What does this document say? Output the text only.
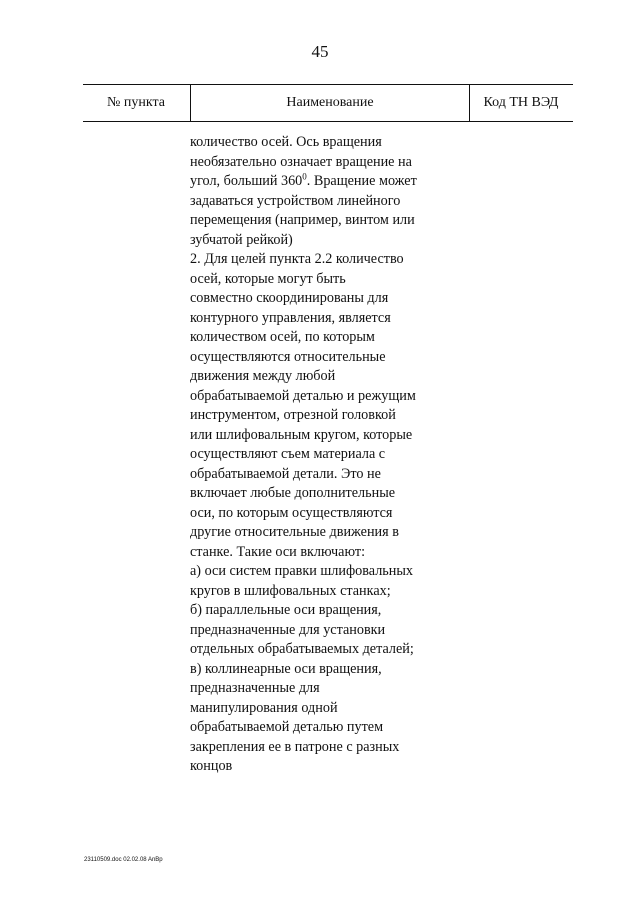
45
№ пункта	Наименование	Код ТН ВЭД

количество осей. Ось вращения

необязательно означает вращение на

угол, больший $360^0$. Вращение может

задаваться устройством линейного

перемещения (например, винтом или

зубчатой рейкой)

2. Для целей пункта 2.2 количество

осей, которые могут быть

совместно скоординированы для

контурного управления, является

количеством осей, по которым

осуществляются относительные

движения между любой

обрабатываемой деталью и режущим

инструментом, отрезной головкой

или шлифовальным кругом, которые

осуществляют съем материала с

обрабатываемой детали. Это не

включает любые дополнительные

оси, по которым осуществляются

другие относительные движения в

станке. Такие оси включают:

а) оси систем правки шлифовальных

кругов в шлифовальных станках;

б) параллельные оси вращения,

предназначенные для установки

отдельных обрабатываемых деталей;

в) коллинеарные оси вращения,

предназначенные для

манипулирования одной

обрабатываемой деталью путем

закрепления ее в патроне с разных

концов

23110509.doc 02.02.08 AnBp
